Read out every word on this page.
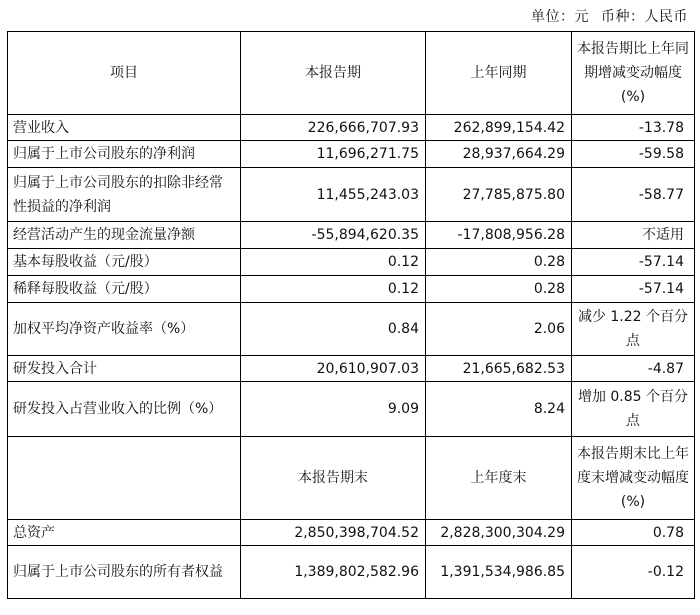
单位：元 币种：人民币
项目	本报告期	上年同期	本报告期比上年同期增减变动幅度(%)
营业收入	226,666,707.93	262,899,154.42	-13.78
归属于上市公司股东的净利润	11,696,271.75	28,937,664.29	-59.58
归属于上市公司股东的扣除非经常性损益的净利润	11,455,243.03	27,785,875.80	-58.77
经营活动产生的现金流量净额	-55,894,620.35	-17,808,956.28	不适用
基本每股收益（元/股）	0.12	0.28	-57.14
稀释每股收益（元/股）	0.12	0.28	-57.14
加权平均净资产收益率（%）	0.84	2.06	减少 1.22 个百分点
研发投入合计	20,610,907.03	21,665,682.53	-4.87
研发投入占营业收入的比例（%）	9.09	8.24	增加 0.85 个百分点
	本报告期末	上年度末	本报告期末比上年度末增减变动幅度(%)
总资产	2,850,398,704.52	2,828,300,304.29	0.78
归属于上市公司股东的所有者权益	1,389,802,582.96	1,391,534,986.85	-0.12
